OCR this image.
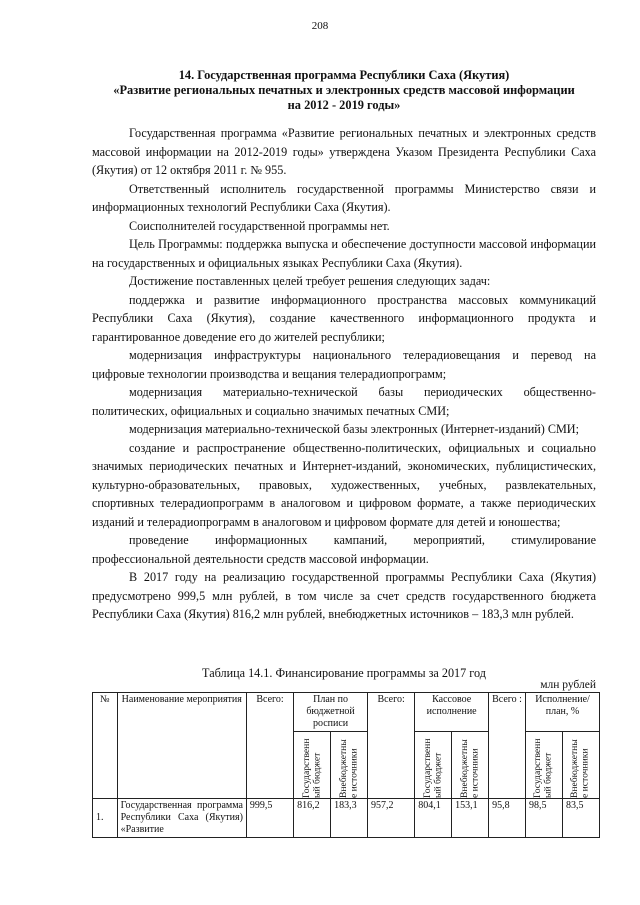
208
14. Государственная программа Республики Саха (Якутия)
«Развитие региональных печатных и электронных средств массовой информации
на 2012 - 2019 годы»

Государственная программа «Развитие региональных печатных и электронных средств массовой информации на 2012-2019 годы» утверждена Указом Президента Республики Саха (Якутия) от 12 октября 2011 г. № 955.

Ответственный исполнитель государственной программы Министерство связи и информационных технологий Республики Саха (Якутия).

Соисполнителей государственной программы нет.

Цель Программы: поддержка выпуска и обеспечение доступности массовой информации на государственных и официальных языках Республики Саха (Якутия).

Достижение поставленных целей требует решения следующих задач:

поддержка и развитие информационного пространства массовых коммуникаций Республики Саха (Якутия), создание качественного информационного продукта и гарантированное доведение его до жителей республики;

модернизация инфраструктуры национального телерадиовещания и перевод на цифровые технологии производства и вещания телерадиопрограмм;

модернизация материально-технической базы периодических общественно-политических, официальных и социально значимых печатных СМИ;

модернизация материально-технической базы электронных (Интернет-изданий) СМИ;

создание и распространение общественно-политических, официальных и социально значимых периодических печатных и Интернет-изданий, экономических, публицистических, культурно-образовательных, правовых, художественных, учебных, развлекательных, спортивных телерадиопрограмм в аналоговом и цифровом формате, а также периодических изданий и телерадиопрограмм в аналоговом и цифровом формате для детей и юношества;

проведение информационных кампаний, мероприятий, стимулирование профессиональной деятельности средств массовой информации.

В 2017 году на реализацию государственной программы Республики Саха (Якутия) предусмотрено 999,5 млн рублей, в том числе за счет средств государственного бюджета Республики Саха (Якутия) 816,2 млн рублей, внебюджетных источников – 183,3 млн рублей.

Таблица 14.1. Финансирование программы за 2017 год
млн рублей
№	Наименование мероприятия	Всего:	План по бюджетной росписи		Всего:	Кассовое исполнение		Всего :	Исполнение/ план, %	

			Государственн ый бюджет	Внебюджетны е источники		Государственн ый бюджет	Внебюджетны е источники		Государственн ый бюджет	Внебюджетны е источники

1.	Государственная программа Республики Саха (Якутия) «Развитие	999,5	816,2	183,3	957,2	804,1	153,1	95,8	98,5	83,5
